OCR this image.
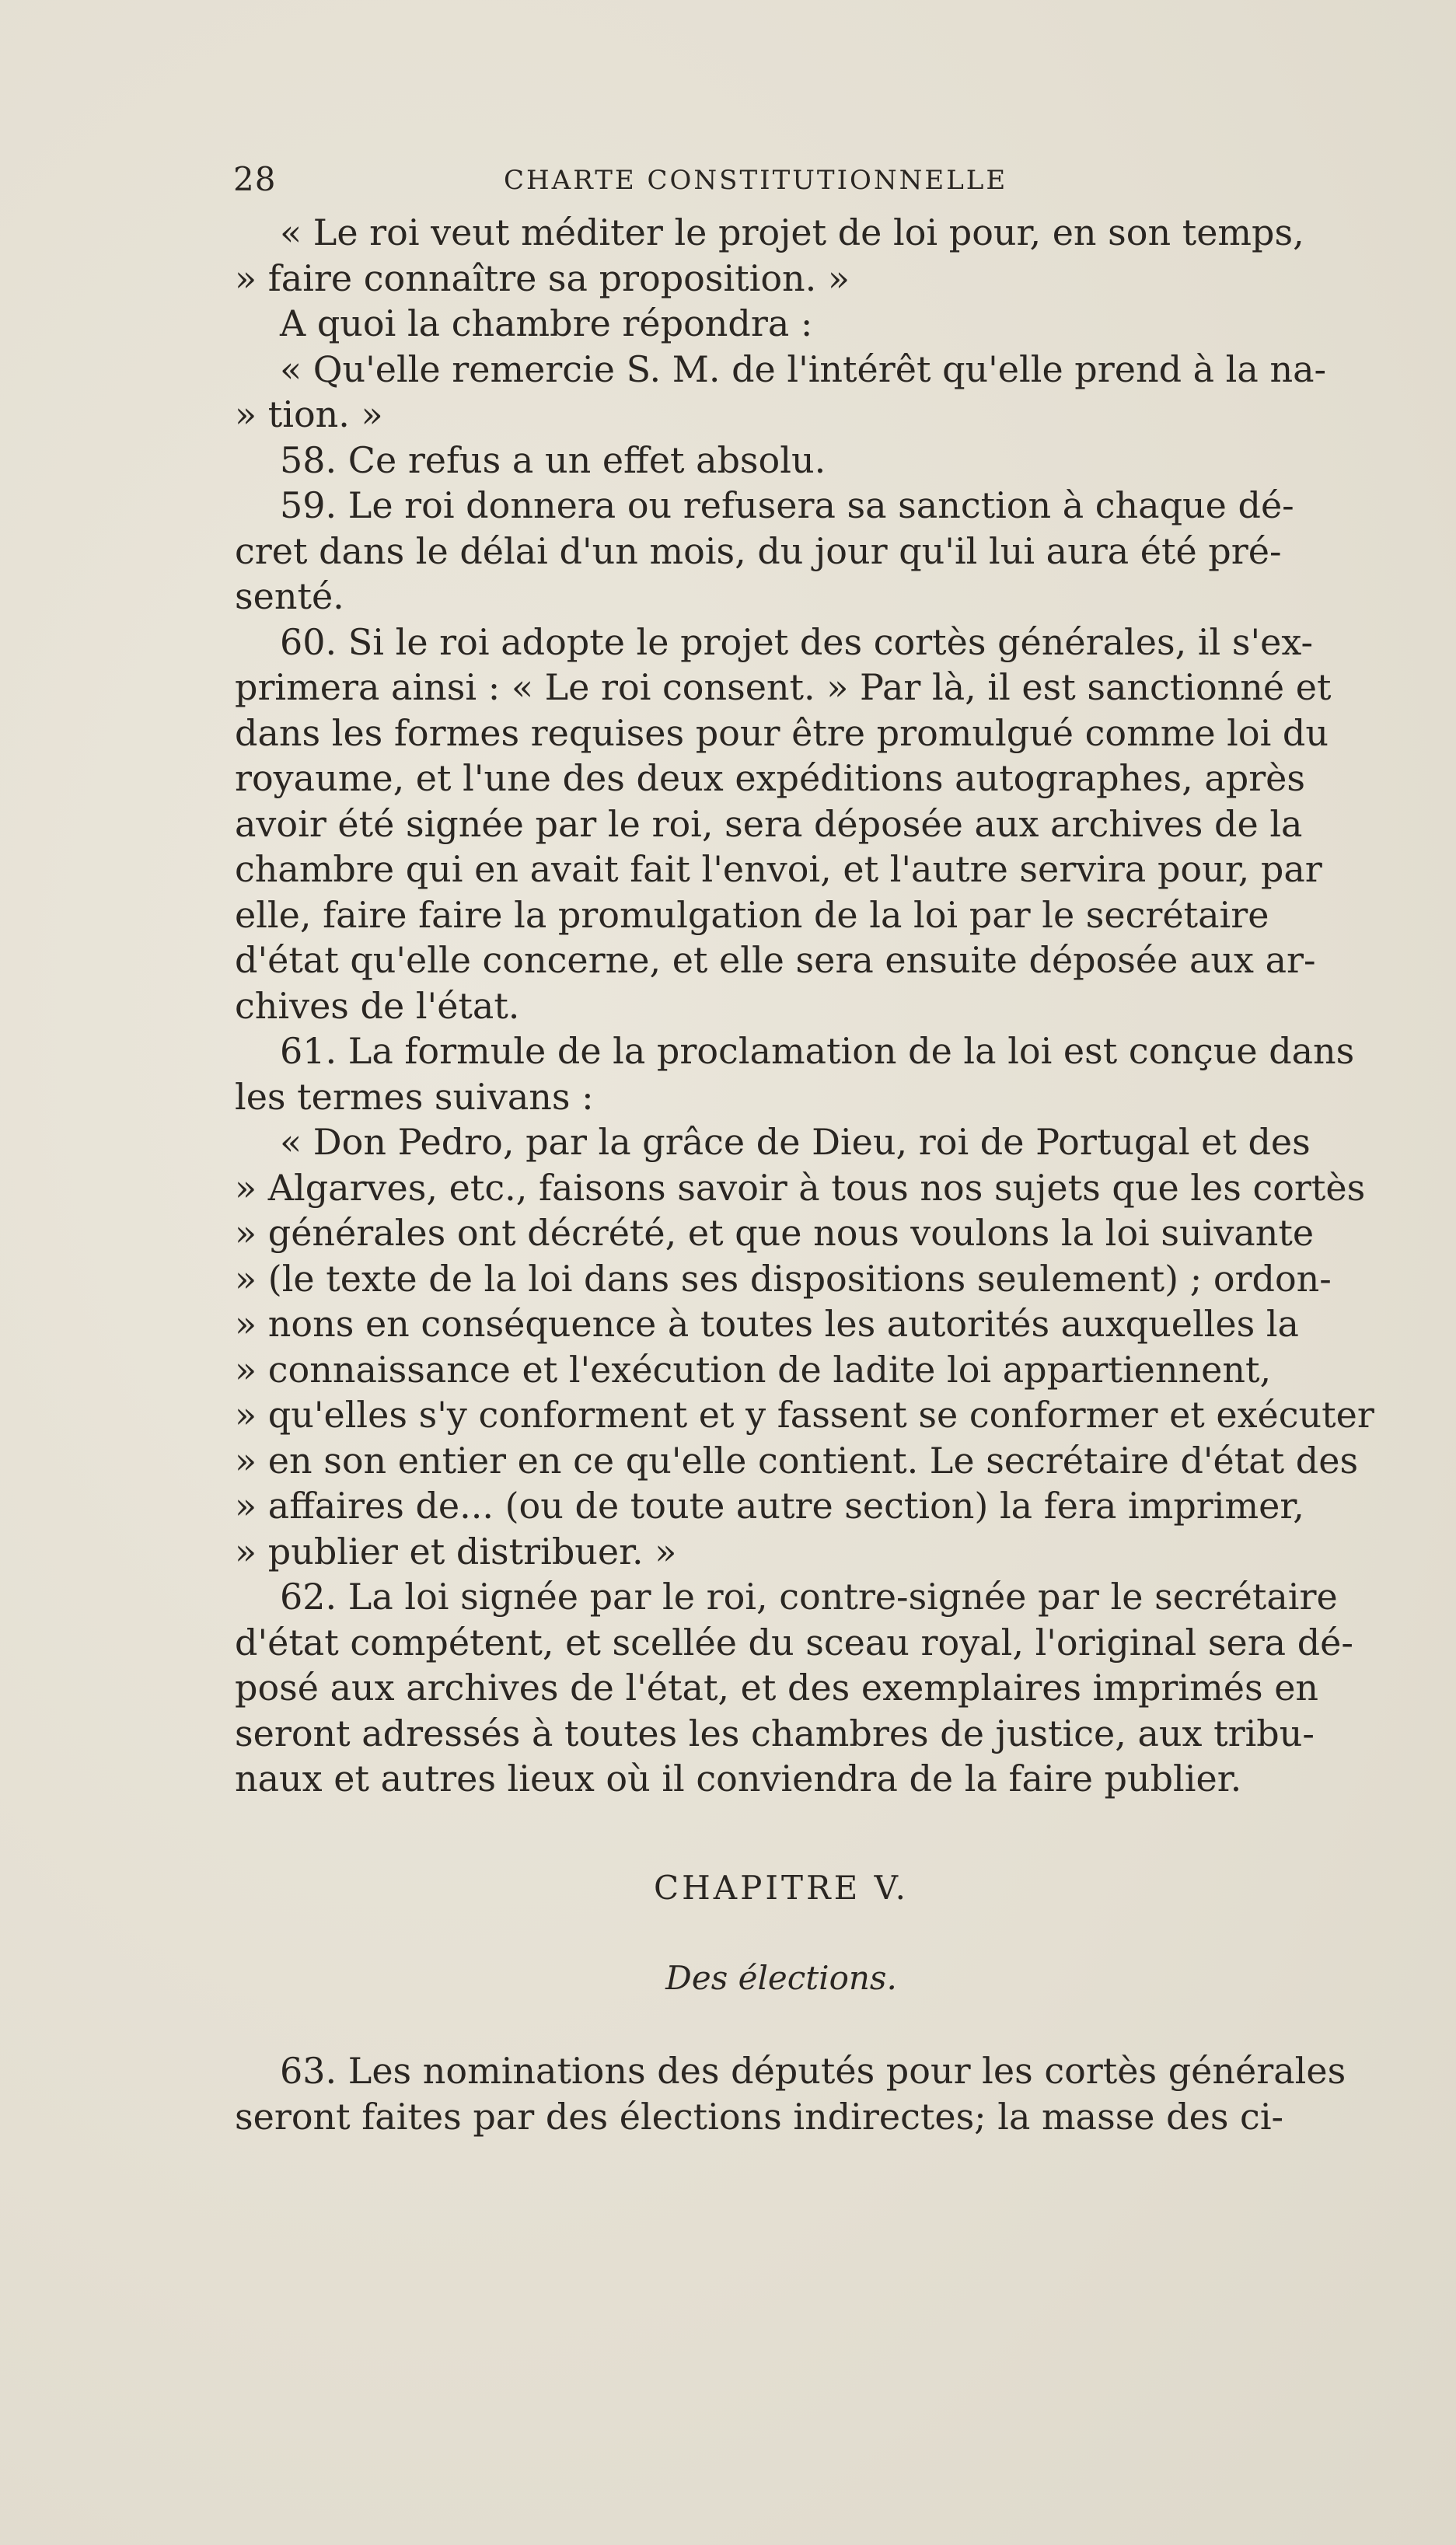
28	CHARTE CONSTITUTIONNELLE
« Le roi veut méditer le projet de loi pour, en son temps,
» faire connaître sa proposition. »
A quoi la chambre répondra :
« Qu'elle remercie S. M. de l'intérêt qu'elle prend à la na-
» tion. »
58. Ce refus a un effet absolu.
59. Le roi donnera ou refusera sa sanction à chaque dé-
cret dans le délai d'un mois, du jour qu'il lui aura été pré-
senté.
60. Si le roi adopte le projet des cortès générales, il s'ex-
primera ainsi : « Le roi consent. » Par là, il est sanctionné et
dans les formes requises pour être promulgué comme loi du
royaume, et l'une des deux expéditions autographes, après
avoir été signée par le roi, sera déposée aux archives de la
chambre qui en avait fait l'envoi, et l'autre servira pour, par
elle, faire faire la promulgation de la loi par le secrétaire
d'état qu'elle concerne, et elle sera ensuite déposée aux ar-
chives de l'état.
61. La formule de la proclamation de la loi est conçue dans
les termes suivans :
« Don Pedro, par la grâce de Dieu, roi de Portugal et des
» Algarves, etc., faisons savoir à tous nos sujets que les cortès
» générales ont décrété, et que nous voulons la loi suivante
» (le texte de la loi dans ses dispositions seulement) ; ordon-
» nons en conséquence à toutes les autorités auxquelles la
» connaissance et l'exécution de ladite loi appartiennent,
» qu'elles s'y conforment et y fassent se conformer et exécuter
» en son entier en ce qu'elle contient. Le secrétaire d'état des
» affaires de... (ou de toute autre section) la fera imprimer,
» publier et distribuer. »
62. La loi signée par le roi, contre-signée par le secrétaire
d'état compétent, et scellée du sceau royal, l'original sera dé-
posé aux archives de l'état, et des exemplaires imprimés en
seront adressés à toutes les chambres de justice, aux tribu-
naux et autres lieux où il conviendra de la faire publier.
CHAPITRE V.
Des élections.
63. Les nominations des députés pour les cortès générales
seront faites par des élections indirectes; la masse des ci-
